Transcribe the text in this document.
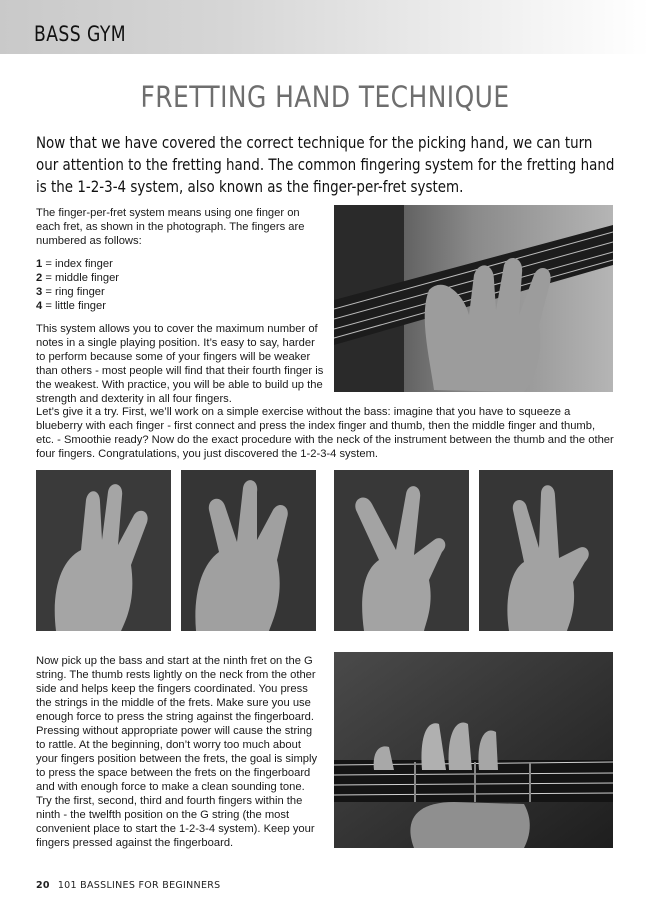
BASS GYM
FRETTING HAND TECHNIQUE
Now that we have covered the correct technique for the picking hand, we can turn our attention to the fretting hand. The common fingering system for the fretting hand is the 1-2-3-4 system, also known as the finger-per-fret system.

The finger-per-fret system means using one finger on each fret, as shown in the photograph. The fingers are numbered as follows:

1 = index finger
2 = middle finger
3 = ring finger
4 = little finger

This system allows you to cover the maximum number of notes in a single playing position. It’s easy to say, harder to perform because some of your fingers will be weaker than others - most people will find that their fourth finger is the weakest. With practice, you will be able to build up the strength and dexterity in all four fingers.

Let’s give it a try. First, we’ll work on a simple exercise without the bass: imagine that you have to squeeze a blueberry with each finger - first connect and press the index finger and thumb, then the middle finger and thumb, etc. - Smoothie ready? Now do the exact procedure with the neck of the instrument between the thumb and the other four fingers. Congratulations, you just discovered the 1-2-3-4 system.
Now pick up the bass and start at the ninth fret on the G string. The thumb rests lightly on the neck from the other side and helps keep the fingers coordinated. You press the strings in the middle of the frets. Make sure you use enough force to press the string against the fingerboard. Pressing without appropriate power will cause the string to rattle. At the beginning, don’t worry too much about your fingers position between the frets, the goal is simply to press the space between the frets on the fingerboard and with enough force to make a clean sounding tone. Try the first, second, third and fourth fingers within the ninth - the twelfth position on the G string (the most convenient place to start the 1-2-3-4 system). Keep your fingers pressed against the fingerboard.
20 101 BASSLINES FOR BEGINNERS
